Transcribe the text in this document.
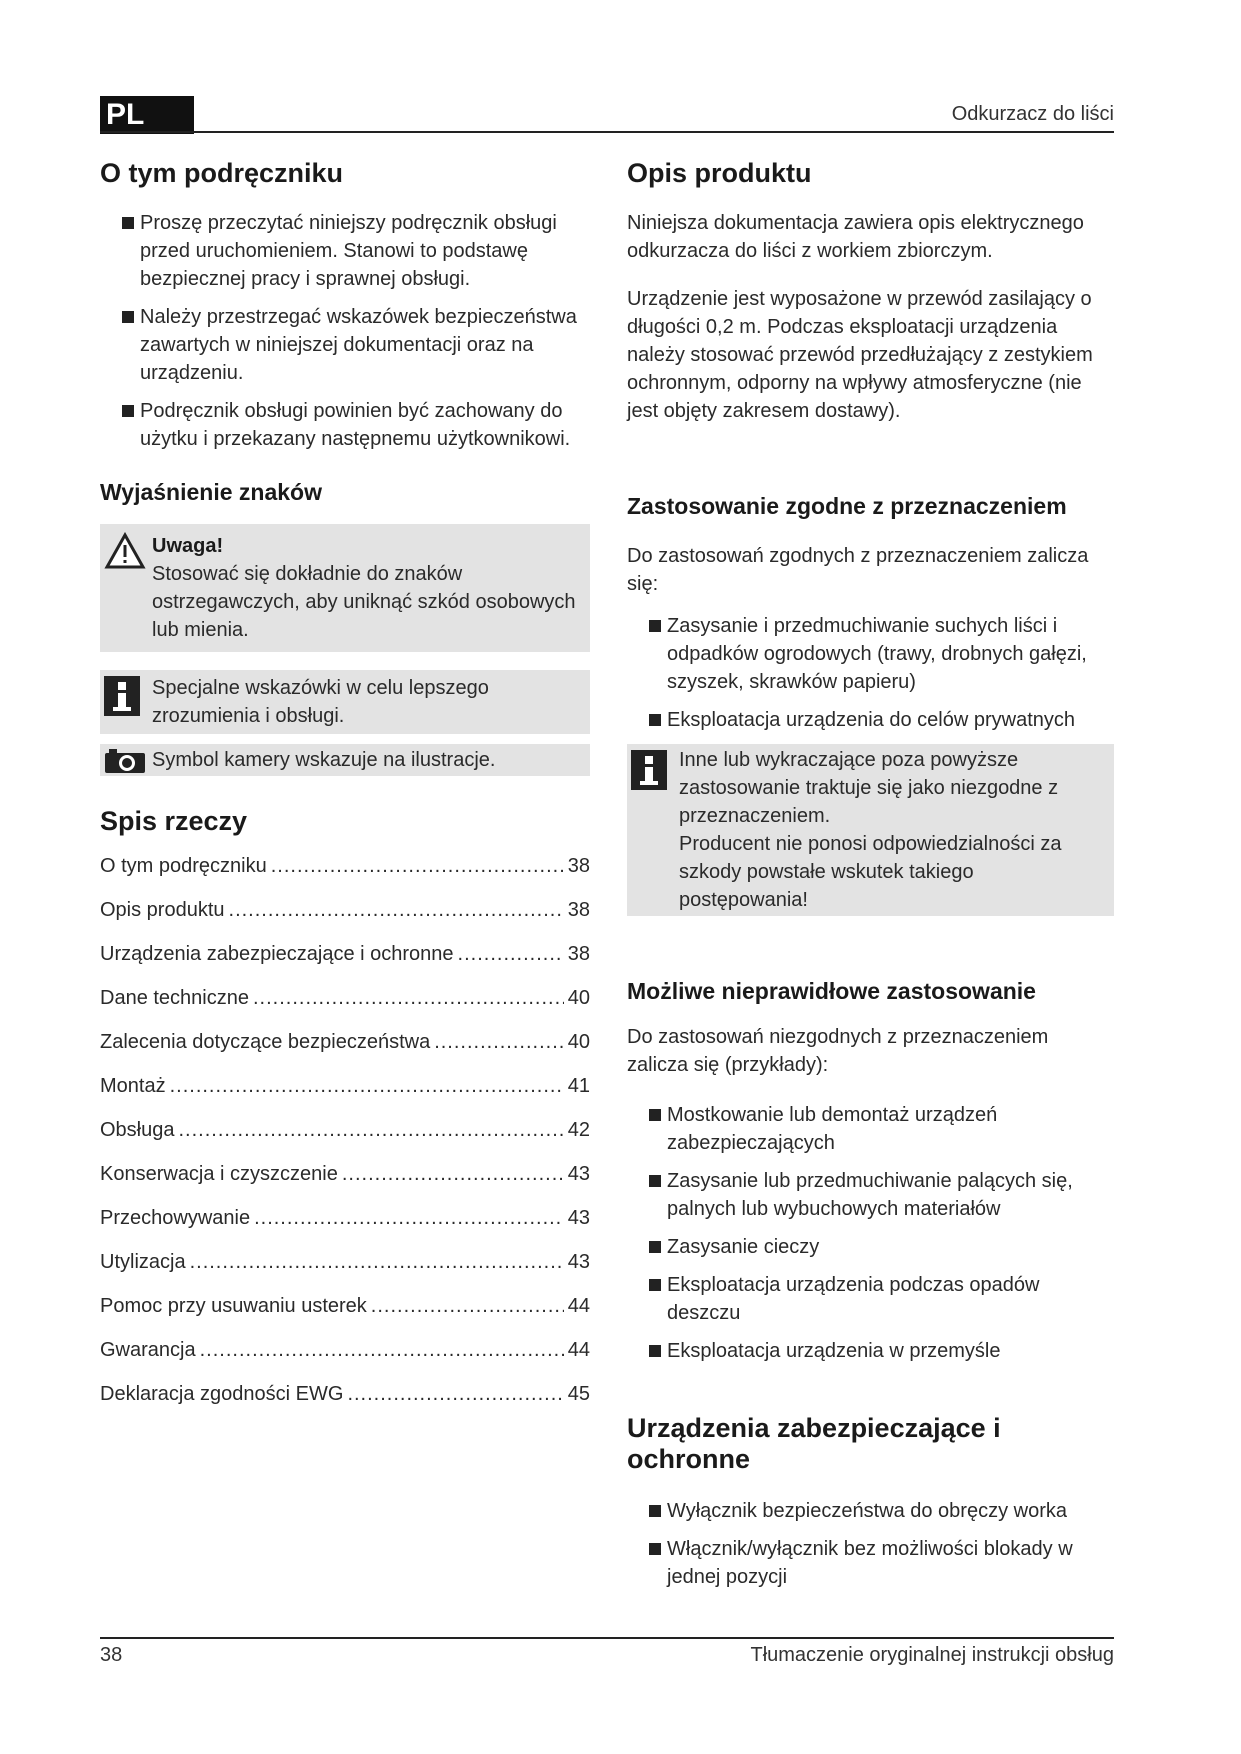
PL	Odkurzacz do liści
O tym podręczniku
Proszę przeczytać niniejszy podręcznik obsługi przed uruchomieniem. Stanowi to podstawę bezpiecznej pracy i sprawnej obsługi.
Należy przestrzegać wskazówek bezpieczeństwa zawartych w niniejszej dokumentacji oraz na urządzeniu.
Podręcznik obsługi powinien być zachowany do użytku i przekazany następnemu użytkownikowi.
Wyjaśnienie znaków
Uwaga!
Stosować się dokładnie do znaków ostrzegawczych, aby uniknąć szkód osobowych lub mienia.
Specjalne wskazówki w celu lepszego zrozumienia i obsługi.
Symbol kamery wskazuje na ilustracje.
Spis rzeczy
O tym podręczniku .....	38
Opis produktu .....	38
Urządzenia zabezpieczające i ochronne .....	38
Dane techniczne .....	40
Zalecenia dotyczące bezpieczeństwa .....	40
Montaż .....	41
Obsługa .....	42
Konserwacja i czyszczenie .....	43
Przechowywanie .....	43
Utylizacja .....	43
Pomoc przy usuwaniu usterek .....	44
Gwarancja .....	44
Deklaracja zgodności EWG .....	45
Opis produktu

Niniejsza dokumentacja zawiera opis elektrycznego odkurzacza do liści z workiem zbiorczym.

Urządzenie jest wyposażone w przewód zasilający o długości 0,2 m. Podczas eksploatacji urządzenia należy stosować przewód przedłużający z zestykiem ochronnym, odporny na wpływy atmosferyczne (nie jest objęty zakresem dostawy).

Zastosowanie zgodne z przeznaczeniem

Do zastosowań zgodnych z przeznaczeniem zalicza się:

Zasysanie i przedmuchiwanie suchych liści i odpadków ogrodowych (trawy, drobnych gałęzi, szyszek, skrawków papieru)
Eksploatacja urządzenia do celów prywatnych
Inne lub wykraczające poza powyższe zastosowanie traktuje się jako niezgodne z przeznaczeniem.
Producent nie ponosi odpowiedzialności za szkody powstałe wskutek takiego postępowania!
Możliwe nieprawidłowe zastosowanie

Do zastosowań niezgodnych z przeznaczeniem zalicza się (przykłady):

Mostkowanie lub demontaż urządzeń zabezpieczających
Zasysanie lub przedmuchiwanie palących się, palnych lub wybuchowych materiałów
Zasysanie cieczy
Eksploatacja urządzenia podczas opadów deszczu
Eksploatacja urządzenia w przemyśle
Urządzenia zabezpieczające i ochronne
Wyłącznik bezpieczeństwa do obręczy worka
Włącznik/wyłącznik bez możliwości blokady w jednej pozycji
38	Tłumaczenie oryginalnej instrukcji obsług
